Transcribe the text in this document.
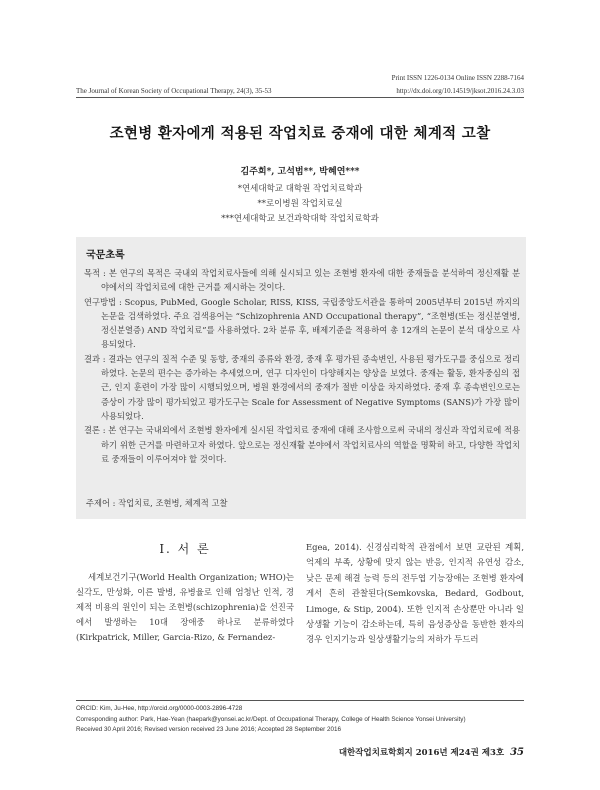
The Journal of Korean Society of Occupational Therapy, 24(3), 35-53
Print ISSN 1226-0134 Online ISSN 2288-7164
http://dx.doi.org/10.14519/jksot.2016.24.3.03
조현병 환자에게 적용된 작업치료 중재에 대한 체계적 고찰
김주희*, 고석범**, 박혜연***
*연세대학교 대학원 작업치료학과
**로이병원 작업치료실
***연세대학교 보건과학대학 작업치료학과
국문초록

목적 : 본 연구의 목적은 국내외 작업치료사들에 의해 실시되고 있는 조현병 환자에 대한 중재들을 분석하여 정신재활 분야에서의 작업치료에 대한 근거를 제시하는 것이다.

연구방법 : Scopus, PubMed, Google Scholar, RISS, KISS, 국립중앙도서관을 통하여 2005년부터 2015년 까지의 논문을 검색하였다. 주요 검색용어는 “Schizophrenia AND Occupational therapy”, “조현병(또는 정신분열병, 정신분열증) AND 작업치료”를 사용하였다. 2차 분류 후, 배제기준을 적용하여 총 12개의 논문이 분석 대상으로 사용되었다.

결과 : 결과는 연구의 질적 수준 및 동향, 중재의 종류와 환경, 중재 후 평가된 종속변인, 사용된 평가도구를 중심으로 정리하였다. 논문의 편수는 증가하는 추세였으며, 연구 디자인이 다양해지는 양상을 보였다. 중재는 활동, 환자중심의 접근, 인지 훈련이 가장 많이 시행되었으며, 병원 환경에서의 중재가 절반 이상을 차지하였다. 중재 후 종속변인으로는 증상이 가장 많이 평가되었고 평가도구는 Scale for Assessment of Negative Symptoms (SANS)가 가장 많이 사용되었다.

결론 : 본 연구는 국내외에서 조현병 환자에게 실시된 작업치료 중재에 대해 조사함으로써 국내의 정신과 작업치료에 적용하기 위한 근거를 마련하고자 하였다. 앞으로는 정신재활 분야에서 작업치료사의 역할을 명확히 하고, 다양한 작업치료 중재들이 이루어져야 할 것이다.

주제어 : 작업치료, 조현병, 체계적 고찰
Ⅰ. 서 론

세계보건기구(World Health Organization; WHO)는 실각도, 만성화, 이른 발병, 유병율로 인해 엄청난 인적, 경제적 비용의 원인이 되는 조현병(schizophrenia)을 선진국에서 발생하는 10대 장애중 하나로 분류하였다(Kirkpatrick, Miller, Garcia-Rizo, & Fernandez-

Egea, 2014). 신경심리학적 관점에서 보면 교란된 계획, 억제의 부족, 상황에 맞지 않는 반응, 인지적 유연성 감소, 낮은 문제 해결 능력 등의 전두엽 기능장애는 조현병 환자에게서 흔히 관찰된다(Semkovska, Bedard, Godbout, Limoge, & Stip, 2004). 또한 인지적 손상뿐만 아니라 일상생활 기능이 감소하는데, 특히 음성증상을 동반한 환자의 경우 인지기능과 일상생활기능의 저하가 두드러
ORCID: Kim, Ju-Hee, http://orcid.org/0000-0003-2896-4728
Corresponding author: Park, Hae-Yean (haepark@yonsei.ac.kr/Dept. of Occupational Therapy, College of Health Science Yonsei University)
Received 30 April 2016; Revised version received 23 June 2016; Accepted 28 September 2016
대한작업치료학회지 2016년 제24권 제3호 35
